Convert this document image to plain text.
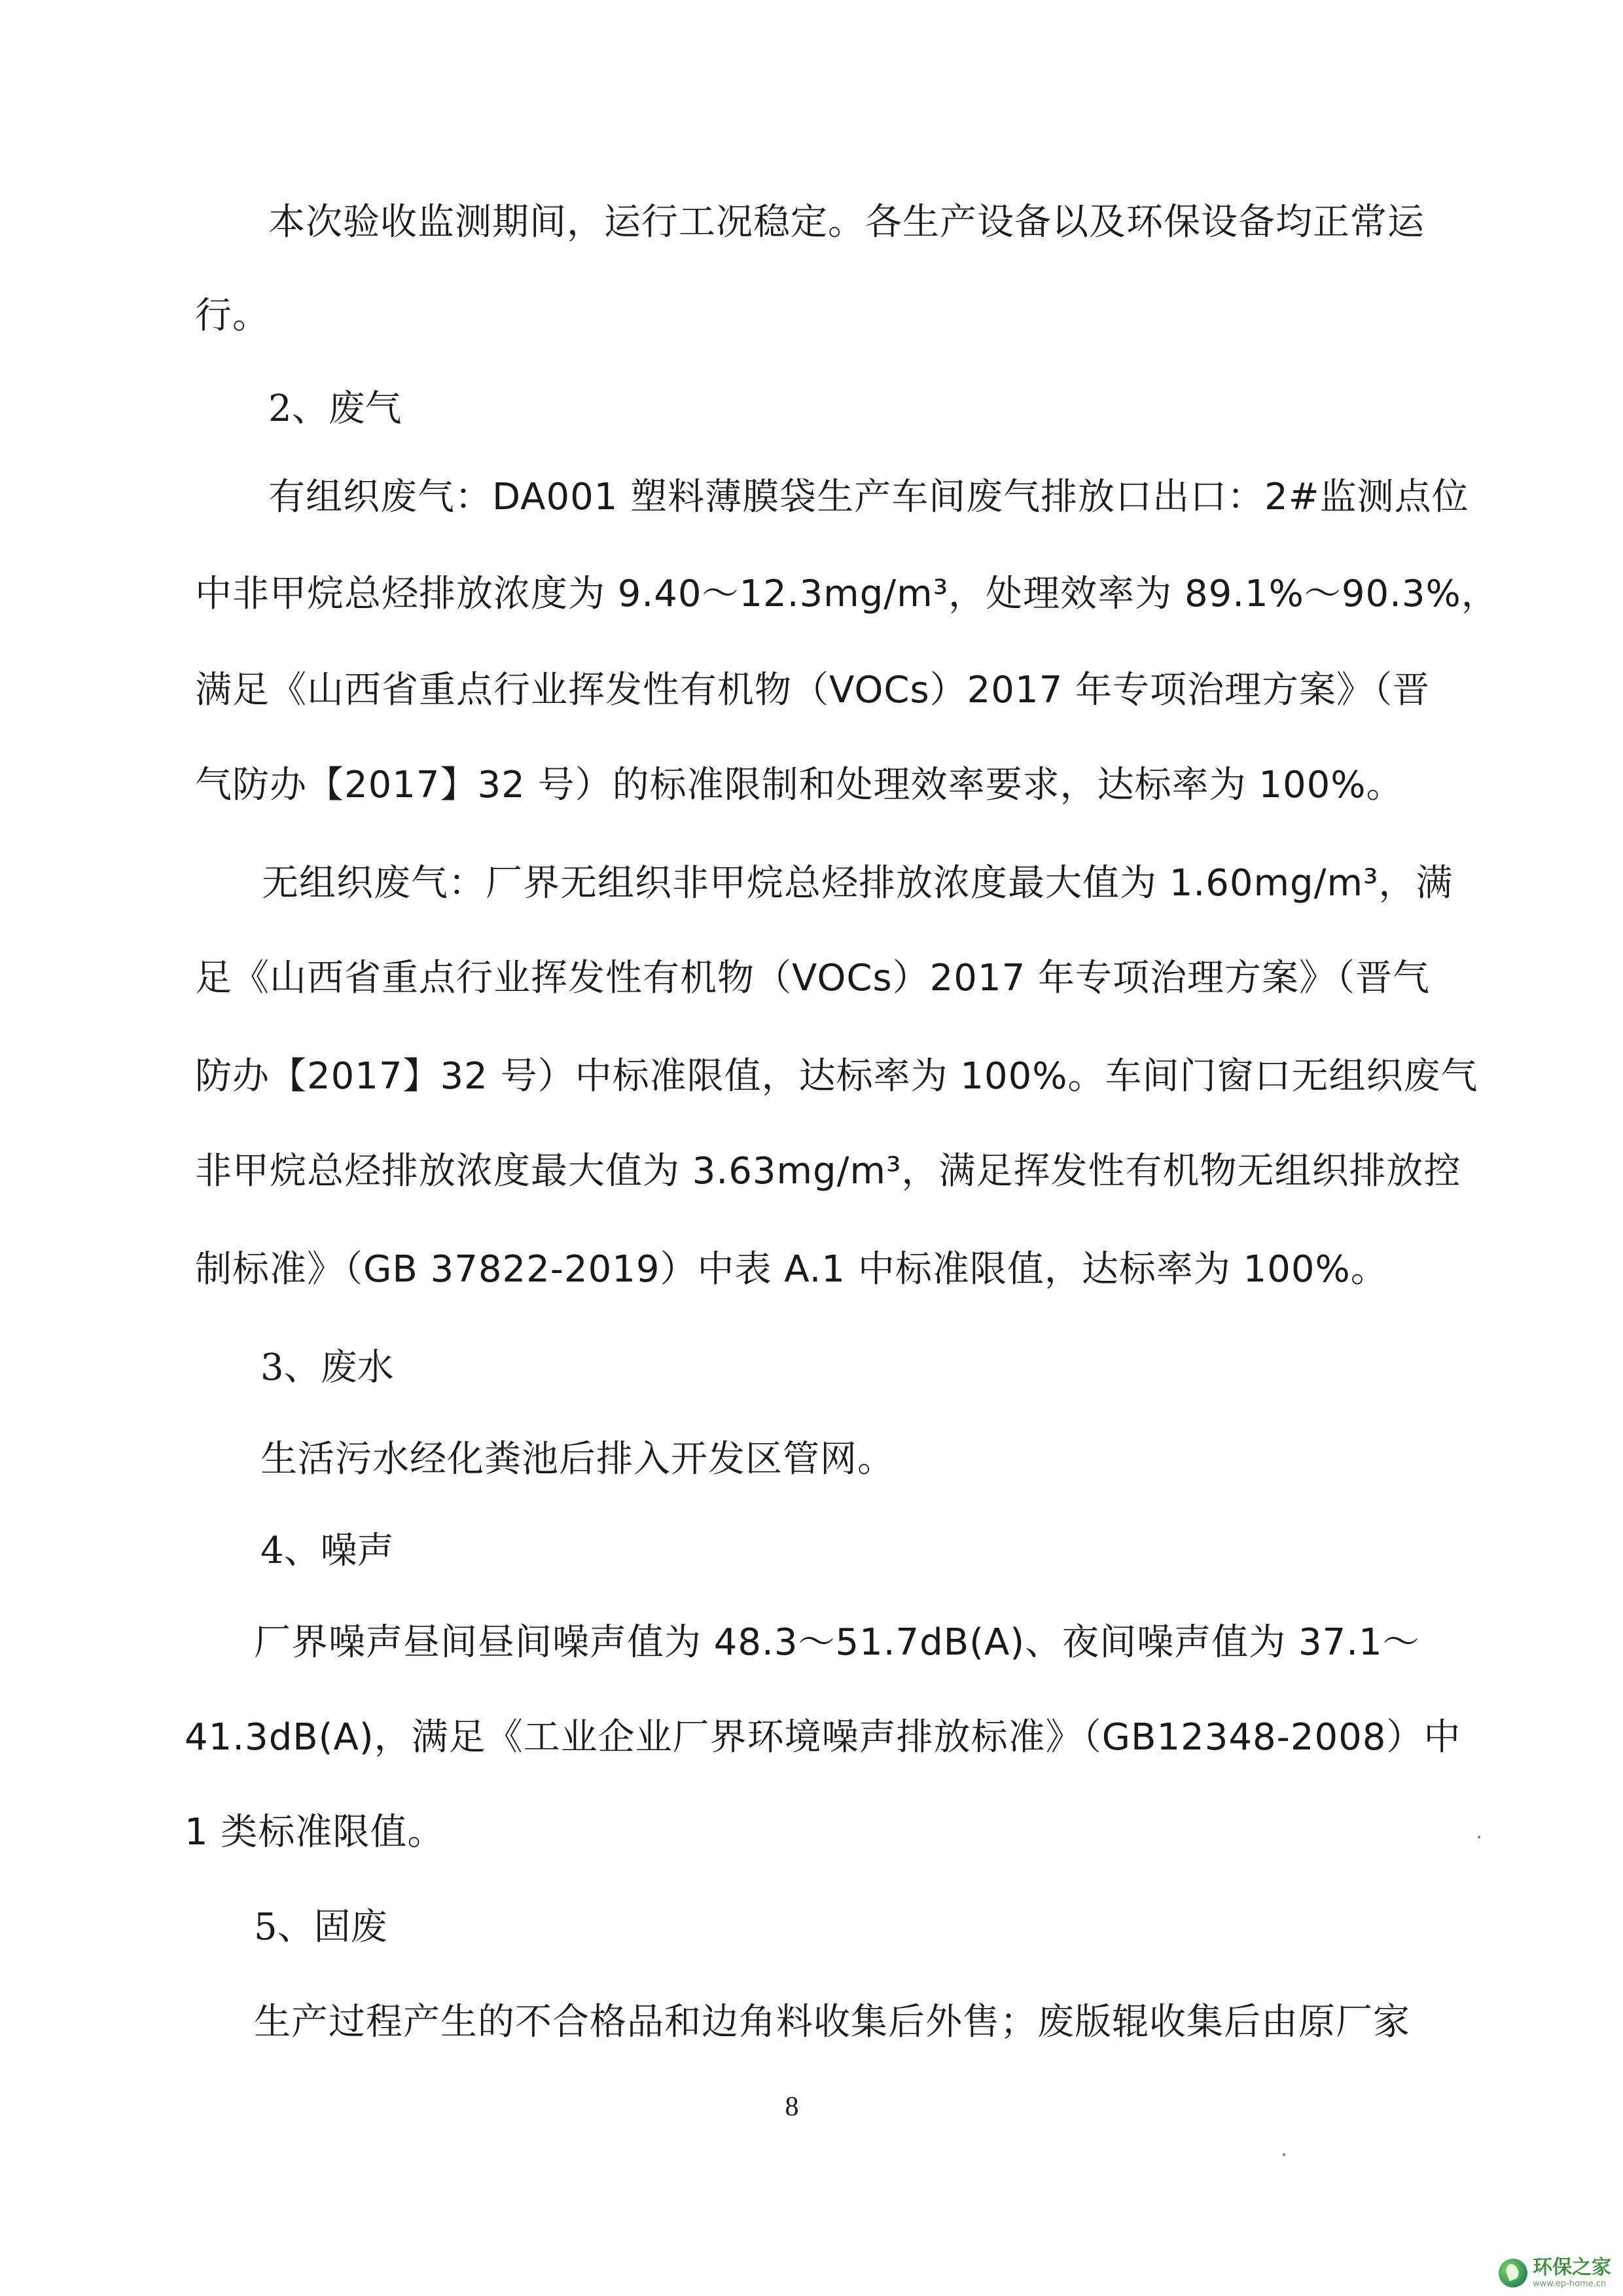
本次验收监测期间，运行工况稳定。各生产设备以及环保设备均正常运
行。
2、废气
有组织废气：DA001 塑料薄膜袋生产车间废气排放口出口：2#监测点位
中非甲烷总烃排放浓度为 9.40～12.3mg/m³，处理效率为 89.1%～90.3%，
满足《山西省重点行业挥发性有机物（VOCs）2017 年专项治理方案》（晋
气防办【2017】32 号）的标准限制和处理效率要求，达标率为 100%。
无组织废气：厂界无组织非甲烷总烃排放浓度最大值为 1.60mg/m³，满
足《山西省重点行业挥发性有机物（VOCs）2017 年专项治理方案》（晋气
防办【2017】32 号）中标准限值，达标率为 100%。车间门窗口无组织废气
非甲烷总烃排放浓度最大值为 3.63mg/m³，满足挥发性有机物无组织排放控
制标准》（GB 37822-2019）中表 A.1 中标准限值，达标率为 100%。
3、废水
生活污水经化粪池后排入开发区管网。
4、噪声
厂界噪声昼间昼间噪声值为 48.3～51.7dB(A)、夜间噪声值为 37.1～
41.3dB(A)，满足《工业企业厂界环境噪声排放标准》（GB12348-2008）中
1 类标准限值。
5、固废
生产过程产生的不合格品和边角料收集后外售；废版辊收集后由原厂家
8
环保之家
www.ep-home.cn
